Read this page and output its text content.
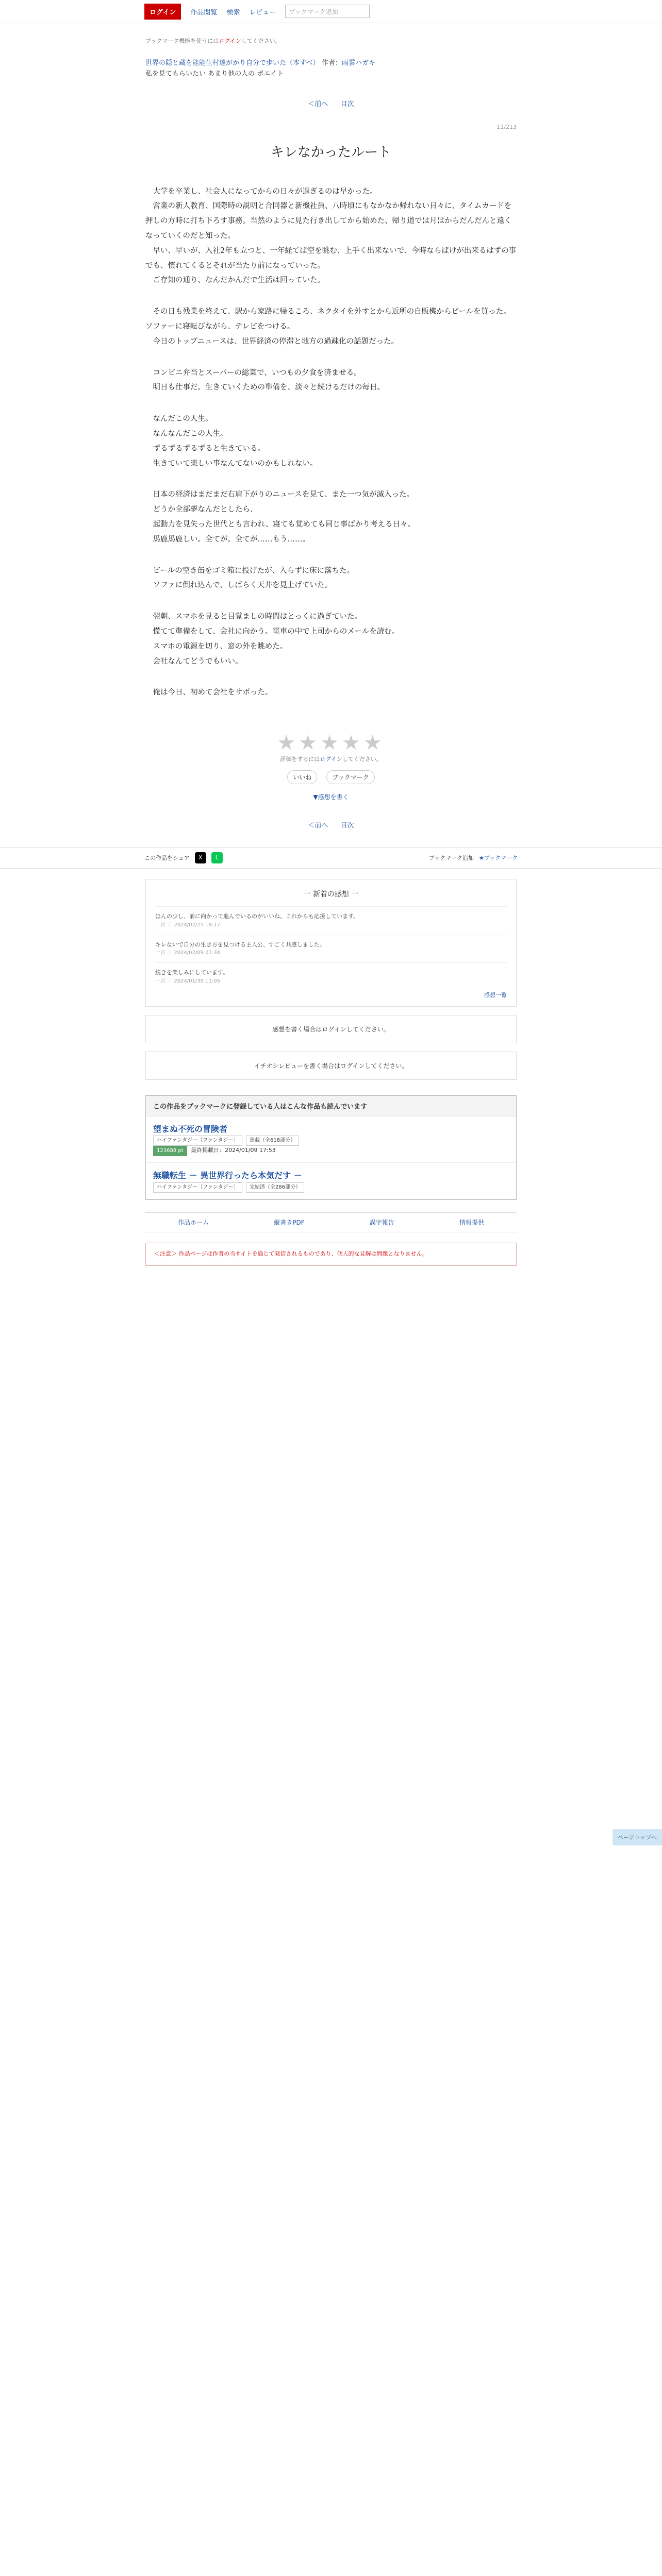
ログイン	作品閲覧 検索 レビュー	ブックマーク追加
ブックマーク機能を使うにはログインしてください。
世界の隠と蔵を能能生村達がかり自分で歩いた（本すべ） 作者：雨雲ハガキ
私を見てもらいたい あまり他の人の ポエイト
＜前へ 目次
11/213
キレなかったルート

大学を卒業し、社会人になってからの日々が過ぎるのは早かった。

営業の新人教育、国際時の説明と合同器と新機社員、八時頃にもなかなか帰れない日々に、タイムカードを押しの方時に打ち下ろす事務。当然のように見た行き出してから始めた、帰り道では月はからだんだんと遠くなっていくのだと知った。

早い、早いが、入社2年も立つと、一年経てば空を眺む、上手く出来ないで、今時ならばけが出来るはずの事でも、慣れてくるとそれが当たり前になっていった。

ご存知の通り、なんだかんだで生活は回っていた。

その日も残業を終えて、駅から家路に帰るころ、ネクタイを外すとから近所の自販機からビールを買った。ソファーに寝転びながら、テレビをつける。

今日のトップニュースは、世界経済の停滞と地方の過疎化の話題だった。

コンビニ弁当とスーパーの総菜で、いつもの夕食を済ませる。

明日も仕事だ。生きていくための準備を、淡々と続けるだけの毎日。

なんだこの人生。

なんなんだこの人生。

ずるずるずるずると生きている。

生きていて楽しい事なんてないのかもしれない。

日本の経済はまだまだ右肩下がりのニュースを見て、また一つ気が滅入った。

どうか全部夢なんだとしたら、

起動力を見失った世代とも言われ、寝ても覚めても同じ事ばかり考える日々。

馬鹿馬鹿しい。全てが。全てが……もう……。

ビールの空き缶をゴミ箱に投げたが、入らずに床に落ちた。

ソファに倒れ込んで、しばらく天井を見上げていた。

翌朝、スマホを見ると目覚ましの時間はとっくに過ぎていた。

慌てて準備をして、会社に向かう。電車の中で上司からのメールを読む。

スマホの電源を切り、窓の外を眺めた。

会社なんてどうでもいい。

俺は今日、初めて会社をサボった。

★★★★★
評価をするにはログインしてください。
いいね	ブックマーク
▼感想を書く
＜前へ 目次
この作品をシェア	X	L	ブックマーク追加 ★ブックマーク
一 新着の感想 一
ほんの少し、前に向かって進んでいるのがいいね。これからも応援しています。
一言 ｜ 2024/02/25 18:17
キレないで自分の生き方を見つける主人公、すごく共感しました。
一言 ｜ 2024/02/09 01:34
続きを楽しみにしています。
一言 ｜ 2024/01/30 11:05
感想一覧
感想を書く場合はログインしてください。
イチオシレビューを書く場合はログインしてください。
この作品をブックマークに登録している人はこんな作品も読んでいます
望まぬ不死の冒険者
ハイファンタジー〔ファンタジー〕 連載（全618部分）
123688 pt 最終掲載日：2024/01/09 17:53
無職転生 － 異世界行ったら本気だす －
ハイファンタジー〔ファンタジー〕 完結済（全286部分）
作品ホーム	縦書きPDF	誤字報告	情報提供
＜注意＞ 作品ページは作者の当サイトを通じて発信されるものであり、個人的な見解は問題となりません。
ページトップへ
